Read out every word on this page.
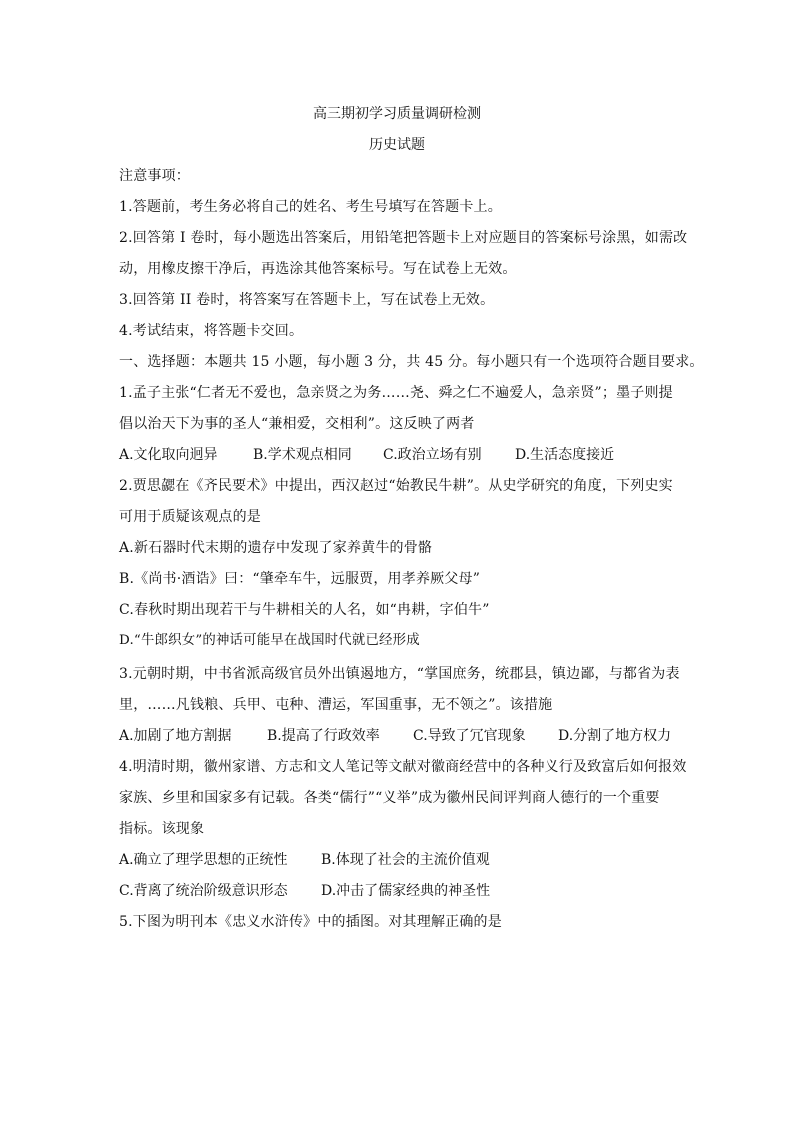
高三期初学习质量调研检测
历史试题
注意事项：
1.答题前，考生务必将自己的姓名、考生号填写在答题卡上。
2.回答第 I 卷时，每小题选出答案后，用铅笔把答题卡上对应题目的答案标号涂黑，如需改
动，用橡皮擦干净后，再选涂其他答案标号。写在试卷上无效。
3.回答第 II 卷时，将答案写在答题卡上，写在试卷上无效。
4.考试结束，将答题卡交回。
一、选择题：本题共 15 小题，每小题 3 分，共 45 分。每小题只有一个选项符合题目要求。
1.孟子主张“仁者无不爱也，急亲贤之为务……尧、舜之仁不遍爱人，急亲贤”；墨子则提
倡以治天下为事的圣人“兼相爱，交相利”。这反映了两者
A.文化取向迥异	B.学术观点相同 C.政治立场有别 D.生活态度接近
2.贾思勰在《齐民要术》中提出，西汉赵过“始教民牛耕”。从史学研究的角度，下列史实
可用于质疑该观点的是
A.新石器时代末期的遗存中发现了家养黄牛的骨骼
B.《尚书·酒诰》曰：“肇牵车牛，远服贾，用孝养厥父母”
C.春秋时期出现若干与牛耕相关的人名，如“冉耕，字伯牛”
D.“牛郎织女”的神话可能早在战国时代就已经形成
3.元朝时期，中书省派高级官员外出镇遏地方，“掌国庶务，统郡县，镇边鄙，与都省为表
里，……凡钱粮、兵甲、屯种、漕运，军国重事，无不领之”。该措施
A.加剧了地方割据	B.提高了行政效率 C.导致了冗官现象 D.分割了地方权力
4.明清时期，徽州家谱、方志和文人笔记等文献对徽商经营中的各种义行及致富后如何报效
家族、乡里和国家多有记载。各类“儒行”“义举”成为徽州民间评判商人德行的一个重要
指标。该现象
A.确立了理学思想的正统性 B.体现了社会的主流价值观
C.背离了统治阶级意识形态 D.冲击了儒家经典的神圣性
5.下图为明刊本《忠义水浒传》中的插图。对其理解正确的是
